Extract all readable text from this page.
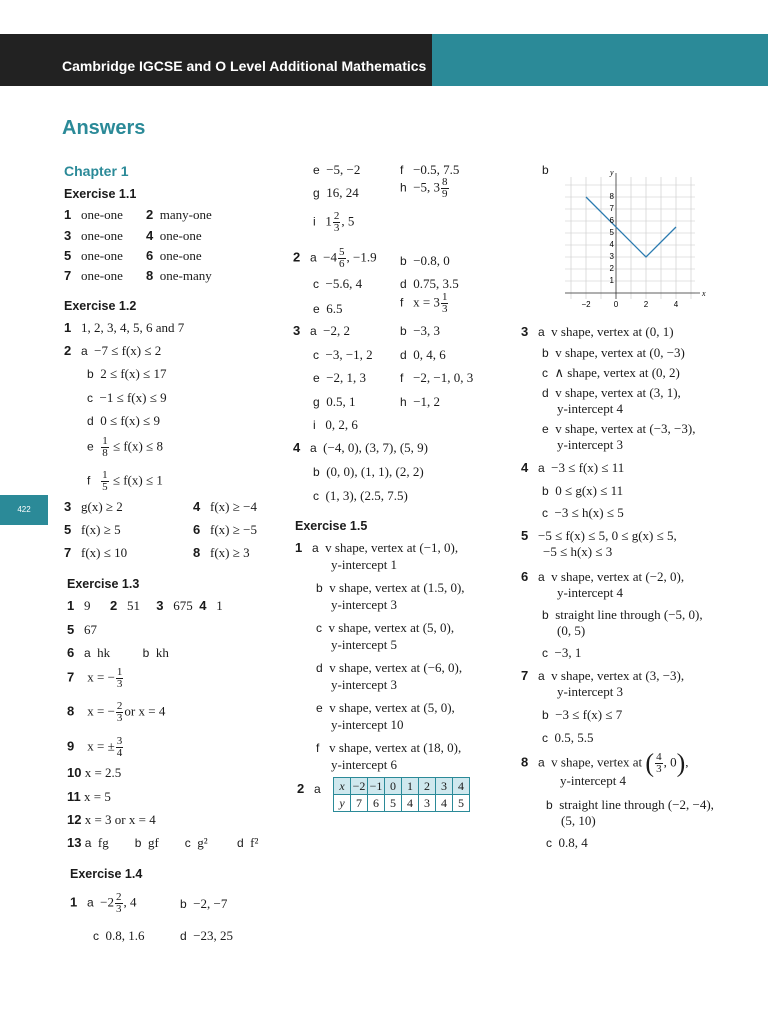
Cambridge IGCSE and O Level Additional Mathematics
422
Answers
Chapter 1
Exercise 1.1
1 one-one 2 many-one
3 one-one 4 one-one
5 one-one 6 one-one
7 one-one 8 one-many
Exercise 1.2
1 1, 2, 3, 4, 5, 6 and 7
2 a −7 ≤ f(x) ≤ 2
b 2 ≤ f(x) ≤ 17
c −1 ≤ f(x) ≤ 9
d 0 ≤ f(x) ≤ 9
e $\frac{1}{8} \le f(x) \le 8$
f $\frac{1}{5} \le f(x) \le 1$
3 g(x) ≥ 2	4 f(x) ≥ −4
5 f(x) ≥ 5	6 f(x) ≥ −5
7 f(x) ≤ 10	8 f(x) ≥ 3
Exercise 1.3
1 9 2 51 3 675 4 1
5 67
6 a hk	b kh
7 x = − $\frac{1}{3}$
8 x = − $\frac{2}{3}$ or x = 4
9 x = ± $\frac{3}{4}$
10 x = 2.5
11 x = 5
12 x = 3 or x = 4
13 a fg b gf c g² d f²
Exercise 1.4
1 $a -2 \frac{2}{3}$ , 4	b −2, −7
c 0.8, 1.6	d −23, 25
e −5, −2	f −0.5, 7.5
g 16, 24	h −5, $3 \frac{8}{9}$
i $1 \frac{2}{3}$ , 5
2 $a -4 \frac{5}{6}$ , −1.9 b −0.8, 0
c −5.6, 4	d 0.75, 3.5
e 6.5	f $x = 3 \frac{1}{3}$
3 a −2, 2	b −3, 3
c −3, −1, 2 d 0, 4, 6
e −2, 1, 3	f −2, −1, 0, 3
g 0.5, 1	h −1, 2
i 0, 2, 6
4 a (−4, 0), (3, 7), (5, 9)
b (0, 0), (1, 1), (2, 2)
c (1, 3), (2.5, 7.5)
Exercise 1.5
1 a v shape, vertex at (−1, 0),
y-intercept 1
b v shape, vertex at (1.5, 0),
y-intercept 3
c v shape, vertex at (5, 0),
y-intercept 5
d v shape, vertex at (−6, 0),
y-intercept 3
e v shape, vertex at (5, 0),
y-intercept 10
f v shape, vertex at (18, 0),
y-intercept 6
2 a x	−2	−1	0	1	2	3	4
y	7	6	5	4	3	4	5
b
x
y
1
2
3
4
5
6
7
8
−2	0	2	4
3 a v shape, vertex at (0, 1)
b v shape, vertex at (0, −3)
c ∧ shape, vertex at (0, 2)
d v shape, vertex at (3, 1),
y-intercept 4
e v shape, vertex at (−3, −3),
y-intercept 3
4 a −3 ≤ f(x) ≤ 11
b 0 ≤ g(x) ≤ 11
c −3 ≤ h(x) ≤ 5
5 −5 ≤ f(x) ≤ 5, 0 ≤ g(x) ≤ 5,
−5 ≤ h(x) ≤ 3
6 a v shape, vertex at (−2, 0),
y-intercept 4
b straight line through (−5, 0),
(0, 5)
c −3, 1
7 a v shape, vertex at (3, −3),
y-intercept 3
b −3 ≤ f(x) ≤ 7
c 0.5, 5.5
8 a v shape, vertex at ( $\frac{4}{3}$ , 0),
y-intercept 4
b straight line through (−2, −4),
(5, 10)
c 0.8, 4
